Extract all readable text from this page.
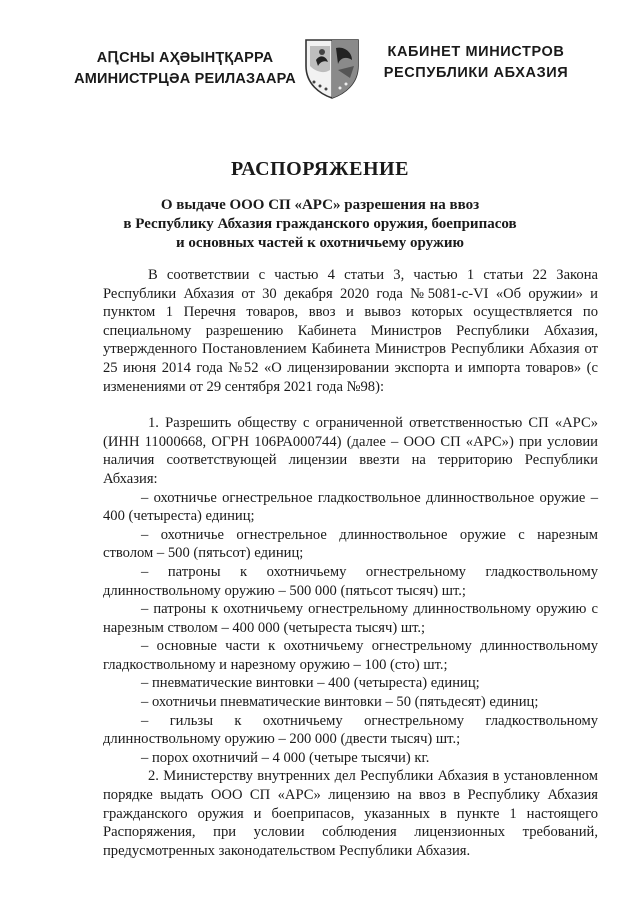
АԤСНЫ АҲӘЫНҬҚАРРА
АМИНИСТРЦӘА РЕИЛАЗААРА
КАБИНЕТ МИНИСТРОВ
РЕСПУБЛИКИ АБХАЗИЯ
РАСПОРЯЖЕНИЕ
О выдаче ООО СП «АРС» разрешения на ввоз
в Республику Абхазия гражданского оружия, боеприпасов
и основных частей к охотничьему оружию

В соответствии с частью 4 статьи 3, частью 1 статьи 22 Закона Республики Абхазия от 30 декабря 2020 года №5081-с-VI «Об оружии» и пунктом 1 Перечня товаров, ввоз и вывоз которых осуществляется по специальному разрешению Кабинета Министров Республики Абхазия, утвержденного Постановлением Кабинета Министров Республики Абхазия от 25 июня 2014 года №52 «О лицензировании экспорта и импорта товаров» (с изменениями от 29 сентября 2021 года №98):

1. Разрешить обществу с ограниченной ответственностью СП «АРС» (ИНН 11000668, ОГРН 106РА000744) (далее – ООО СП «АРС») при условии наличия соответствующей лицензии ввезти на территорию Республики Абхазия:

– охотничье огнестрельное гладкоствольное длинноствольное оружие – 400 (четыреста) единиц;

– охотничье огнестрельное длинноствольное оружие с нарезным стволом – 500 (пятьсот) единиц;

– патроны к охотничьему огнестрельному гладкоствольному длинноствольному оружию – 500 000 (пятьсот тысяч) шт.;

– патроны к охотничьему огнестрельному длинноствольному оружию с нарезным стволом – 400 000 (четыреста тысяч) шт.;

– основные части к охотничьему огнестрельному длинноствольному гладкоствольному и нарезному оружию – 100 (сто) шт.;

– пневматические винтовки – 400 (четыреста) единиц;

– охотничьи пневматические винтовки – 50 (пятьдесят) единиц;

– гильзы к охотничьему огнестрельному гладкоствольному длинноствольному оружию – 200 000 (двести тысяч) шт.;

– порох охотничий – 4 000 (четыре тысячи) кг.

2. Министерству внутренних дел Республики Абхазия в установленном порядке выдать ООО СП «АРС» лицензию на ввоз в Республику Абхазия гражданского оружия и боеприпасов, указанных в пункте 1 настоящего Распоряжения, при условии соблюдения лицензионных требований, предусмотренных законодательством Республики Абхазия.
